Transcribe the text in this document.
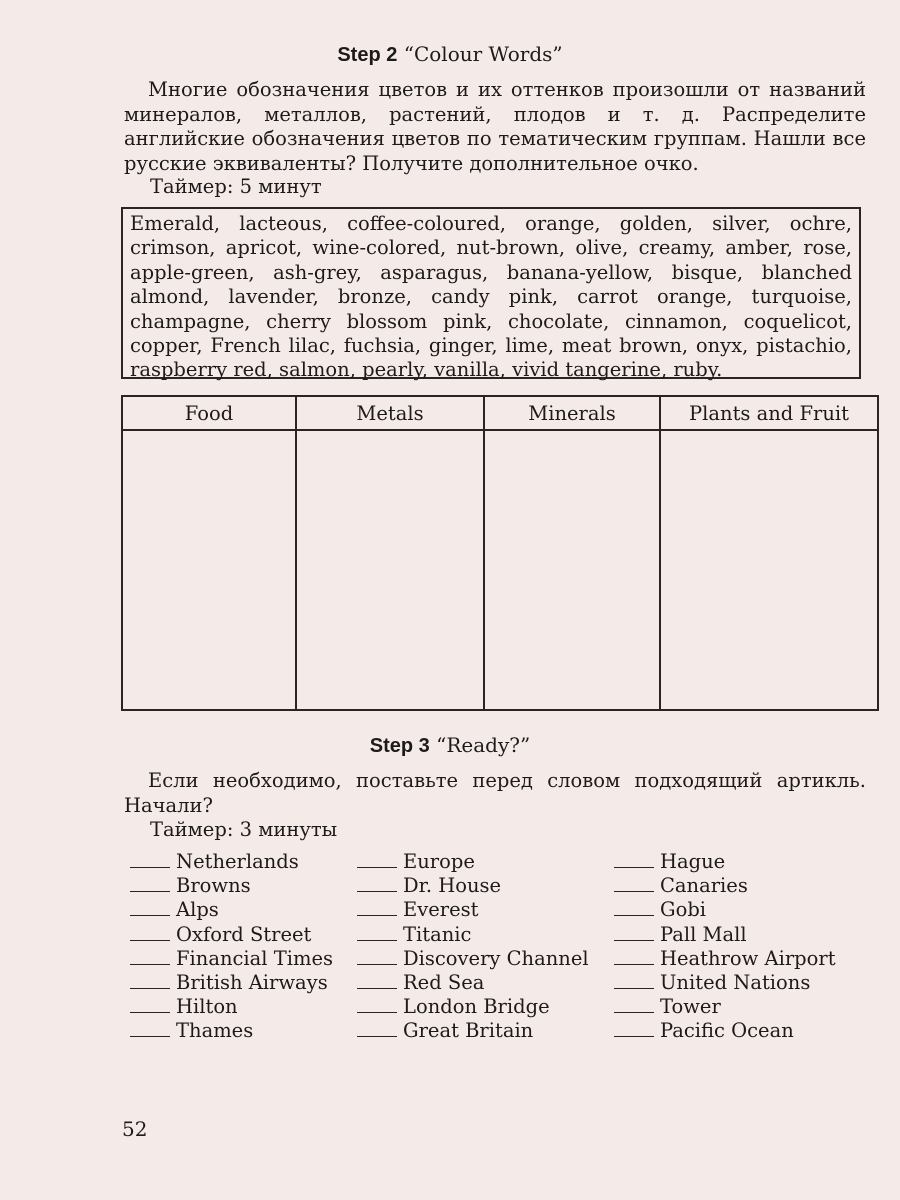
Step 2 “Colour Words”
Многие обозначения цветов и их оттенков произошли от названий минералов, металлов, растений, плодов и т. д. Распределите английские обозначения цветов по тематическим группам. Нашли все русские эквиваленты? Получите дополнительное очко.
Таймер: 5 минут
Emerald, lacteous, coffee-coloured, orange, golden, silver, ochre, crimson, apricot, wine-colored, nut-brown, olive, creamy, amber, rose, apple-green, ash-grey, asparagus, banana-yellow, bisque, blanched almond, lavender, bronze, candy pink, carrot orange, turquoise, champagne, cherry blossom pink, chocolate, cinnamon, coquelicot, copper, French lilac, fuchsia, ginger, lime, meat brown, onyx, pistachio, raspberry red, salmon, pearly, vanilla, vivid tangerine, ruby.
Food	Metals	Minerals	Plants and Fruit

Step 3 “Ready?”
Если необходимо, поставьте перед словом подходящий артикль. Начали?
Таймер: 3 минуты
Netherlands
Browns
Alps
Oxford Street
Financial Times
British Airways
Hilton
Thames
Europe
Dr. House
Everest
Titanic
Discovery Channel
Red Sea
London Bridge
Great Britain
Hague
Canaries
Gobi
Pall Mall
Heathrow Airport
United Nations
Tower
Pacific Ocean
52
